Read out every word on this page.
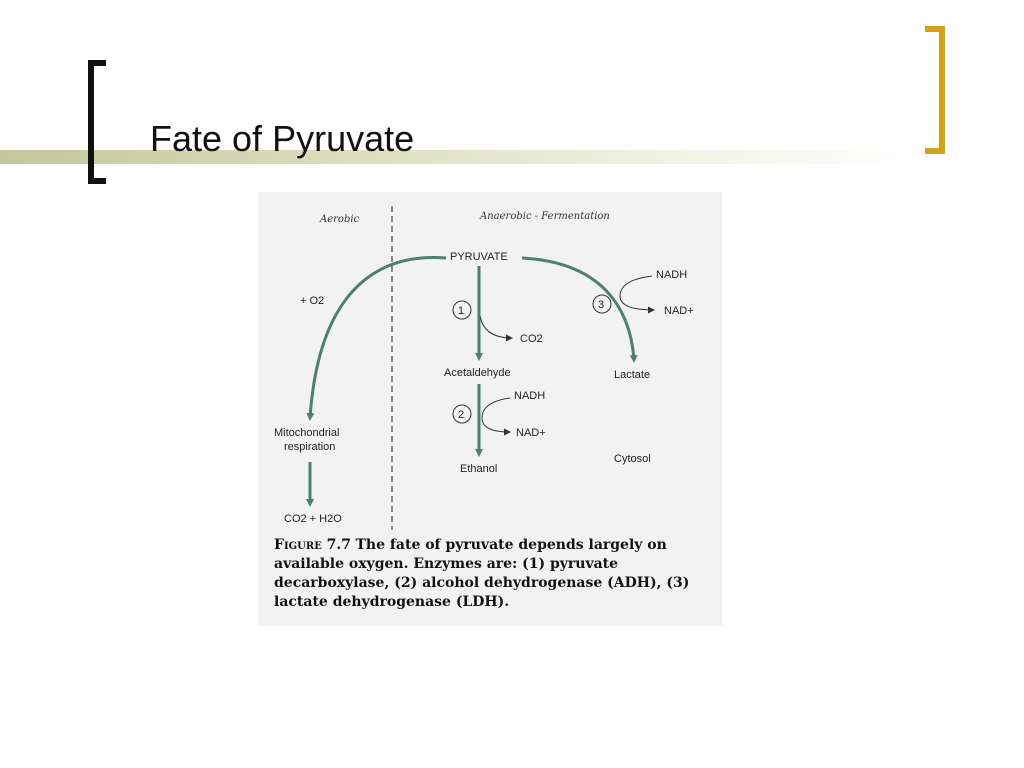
Fate of Pyruvate
Aerobic	Anaerobic - Fermentation
PYRUVATE
+ O2
Mitochondrial
respiration
CO2 + H2O
1
CO2
Acetaldehyde
2
NADH
NAD+
Ethanol
3
NADH
NAD+
Lactate
Cytosol
Figure 7.7 The fate of pyruvate depends largely on available oxygen. Enzymes are: (1) pyruvate decarboxylase, (2) alcohol dehydrogenase (ADH), (3) lactate dehydrogenase (LDH).
